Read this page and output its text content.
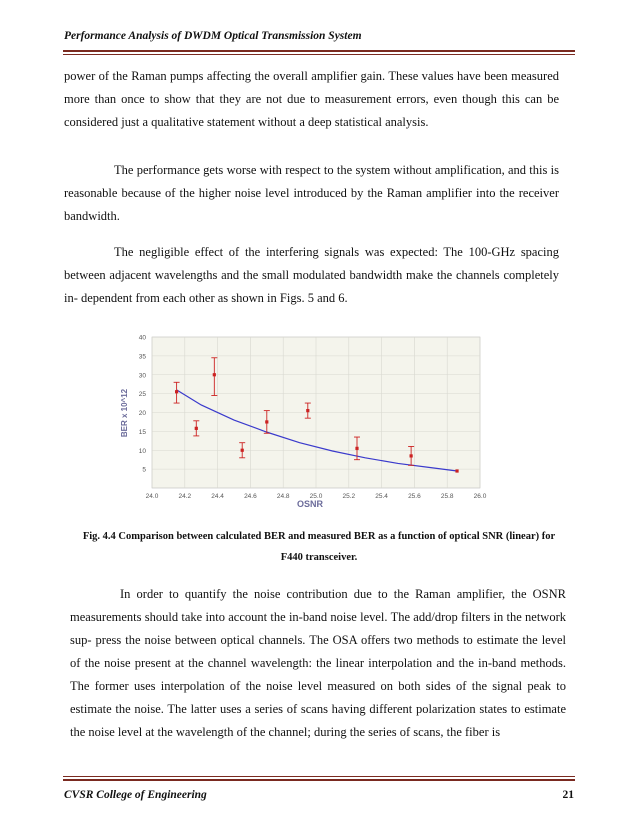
Performance Analysis of DWDM Optical Transmission System

power of the Raman pumps affecting the overall amplifier gain. These values have been measured more than once to show that they are not due to measurement errors, even though this can be considered just a qualitative statement without a deep statistical analysis.

The performance gets worse with respect to the system without amplification, and this is reasonable because of the higher noise level introduced by the Raman amplifier into the receiver bandwidth.

The negligible effect of the interfering signals was expected: The 100-GHz spacing between adjacent wavelengths and the small modulated bandwidth make the channels completely in- dependent from each other as shown in Figs. 5 and 6.

24.0	24.2	24.4	24.6	24.8	25.0	25.2	25.4	25.6	25.8	26.0
5
10
15
20
25
30
35
40
OSNR
BER x 10^12

Fig. 4.4 Comparison between calculated BER and measured BER as a function of optical SNR (linear) for

F440 transceiver.

In order to quantify the noise contribution due to the Raman amplifier, the OSNR measurements should take into account the in-band noise level. The add/drop filters in the network sup- press the noise between optical channels. The OSA offers two methods to estimate the level of the noise present at the channel wavelength: the linear interpolation and the in-band methods. The former uses interpolation of the noise level measured on both sides of the signal peak to estimate the noise. The latter uses a series of scans having different polarization states to estimate the noise level at the wavelength of the channel; during the series of scans, the fiber is

CVSR College of Engineering	21
